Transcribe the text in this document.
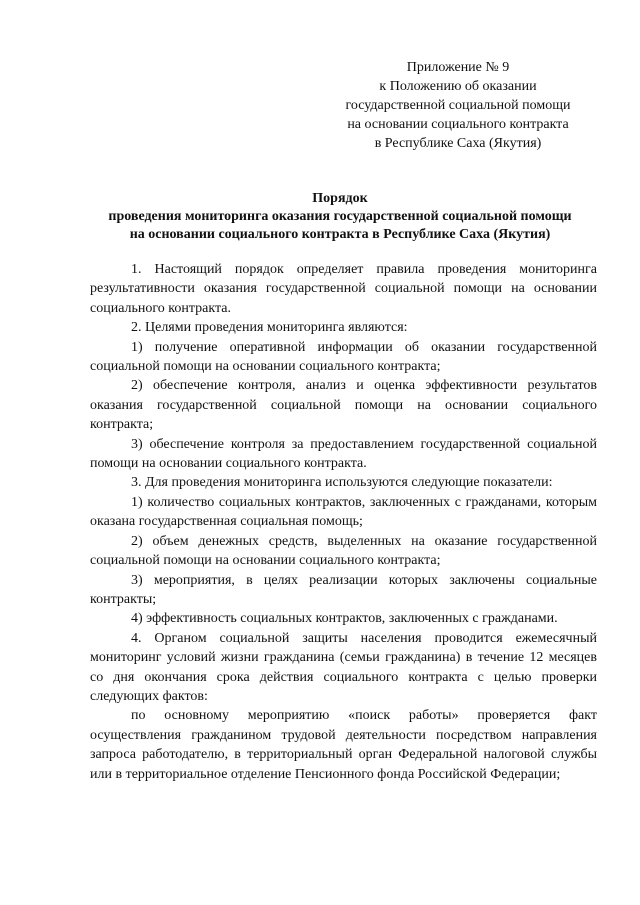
Приложение № 9
к Положению об оказании
государственной социальной помощи
на основании социального контракта
в Республике Саха (Якутия)
Порядок
проведения мониторинга оказания государственной социальной помощи
на основании социального контракта в Республике Саха (Якутия)

1. Настоящий порядок определяет правила проведения мониторинга результативности оказания государственной социальной помощи на основании социального контракта.

2. Целями проведения мониторинга являются:

1) получение оперативной информации об оказании государственной социальной помощи на основании социального контракта;

2) обеспечение контроля, анализ и оценка эффективности результатов оказания государственной социальной помощи на основании социального контракта;

3) обеспечение контроля за предоставлением государственной социальной помощи на основании социального контракта.

3. Для проведения мониторинга используются следующие показатели:

1) количество социальных контрактов, заключенных с гражданами, которым оказана государственная социальная помощь;

2) объем денежных средств, выделенных на оказание государственной социальной помощи на основании социального контракта;

3) мероприятия, в целях реализации которых заключены социальные контракты;

4) эффективность социальных контрактов, заключенных с гражданами.

4. Органом социальной защиты населения проводится ежемесячный мониторинг условий жизни гражданина (семьи гражданина) в течение 12 месяцев со дня окончания срока действия социального контракта с целью проверки следующих фактов:

по основному мероприятию «поиск работы» проверяется факт осуществления гражданином трудовой деятельности посредством направления запроса работодателю, в территориальный орган Федеральной налоговой службы или в территориальное отделение Пенсионного фонда Российской Федерации;
